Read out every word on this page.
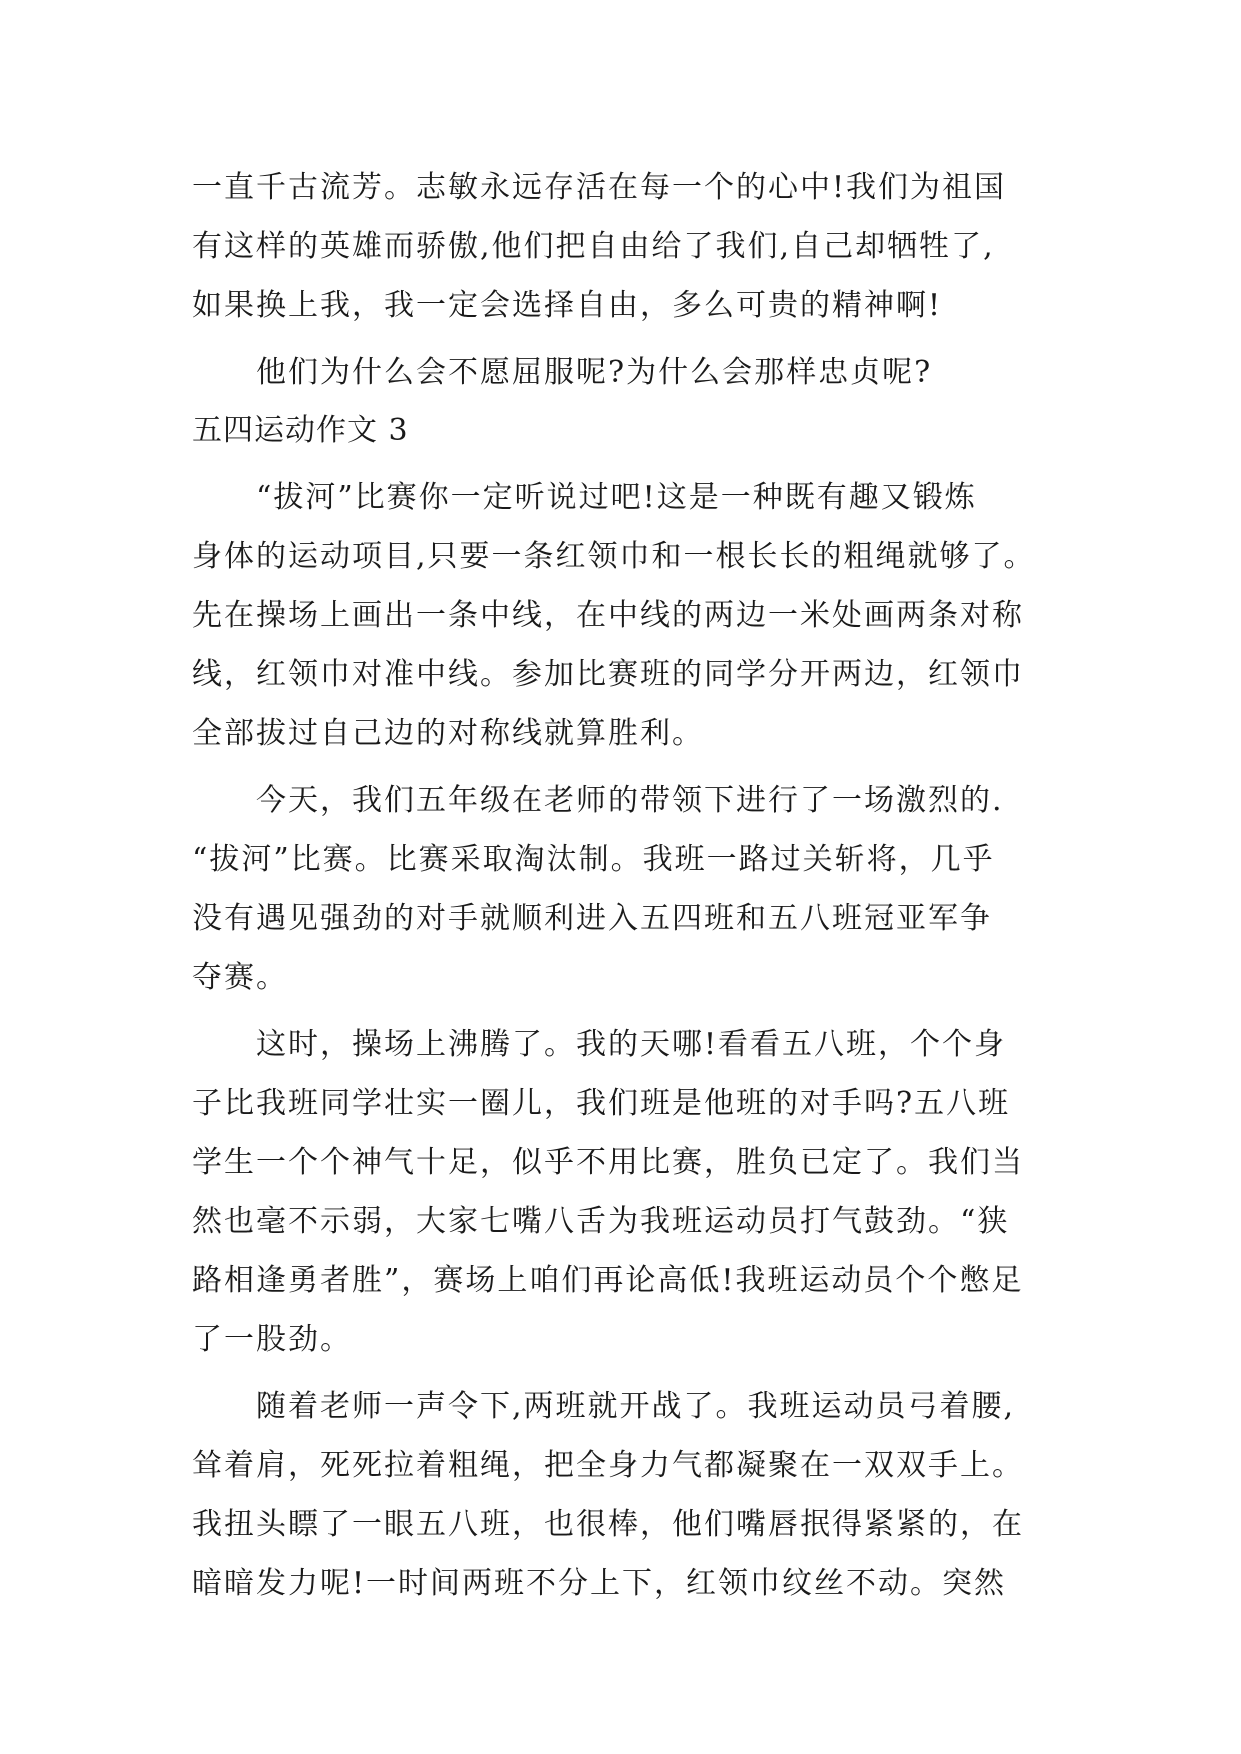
一直千古流芳。志敏永远存活在每一个的心中!我们为祖国
有这样的英雄而骄傲,他们把自由给了我们,自己却牺牲了,
如果换上我，我一定会选择自由，多么可贵的精神啊!
他们为什么会不愿屈服呢?为什么会那样忠贞呢?
五四运动作文 3
“拔河”比赛你一定听说过吧!这是一种既有趣又锻炼
身体的运动项目,只要一条红领巾和一根长长的粗绳就够了。
先在操场上画出一条中线，在中线的两边一米处画两条对称
线，红领巾对准中线。参加比赛班的同学分开两边，红领巾
全部拔过自己边的对称线就算胜利。
今天，我们五年级在老师的带领下进行了一场激烈的.
“拔河”比赛。比赛采取淘汰制。我班一路过关斩将，几乎
没有遇见强劲的对手就顺利进入五四班和五八班冠亚军争
夺赛。
这时，操场上沸腾了。我的天哪!看看五八班，个个身
子比我班同学壮实一圈儿，我们班是他班的对手吗?五八班
学生一个个神气十足，似乎不用比赛，胜负已定了。我们当
然也毫不示弱，大家七嘴八舌为我班运动员打气鼓劲。“狭
路相逢勇者胜”，赛场上咱们再论高低!我班运动员个个憋足
了一股劲。
随着老师一声令下,两班就开战了。我班运动员弓着腰,
耸着肩，死死拉着粗绳，把全身力气都凝聚在一双双手上。
我扭头瞟了一眼五八班，也很棒，他们嘴唇抿得紧紧的，在
暗暗发力呢!一时间两班不分上下，红领巾纹丝不动。突然
